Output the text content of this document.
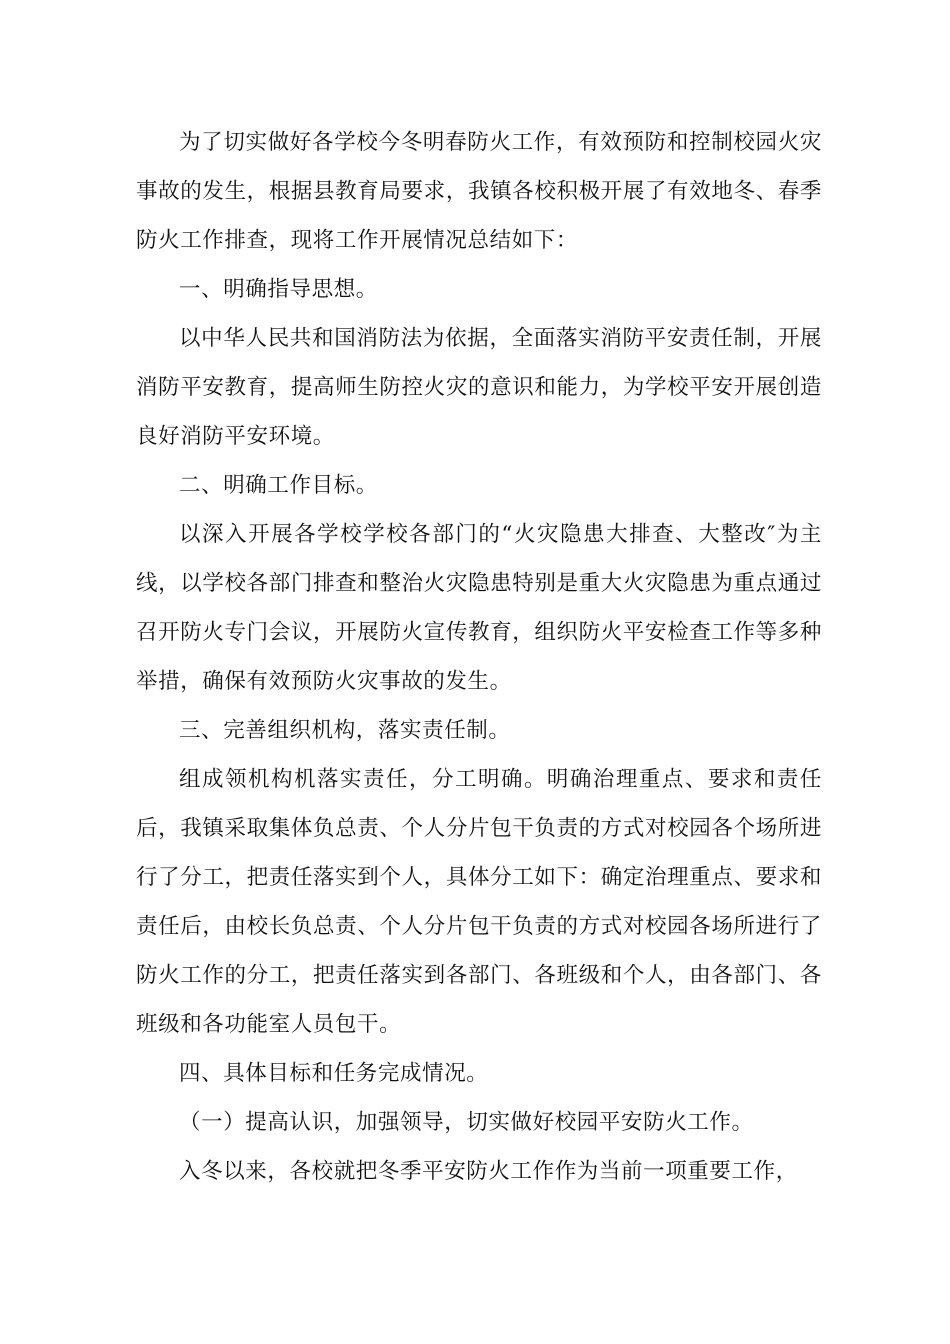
为了切实做好各学校今冬明春防火工作，有效预防和控制校园火灾事故的发生，根据县教育局要求，我镇各校积极开展了有效地冬、春季防火工作排查，现将工作开展情况总结如下：

一、明确指导思想。

以中华人民共和国消防法为依据，全面落实消防平安责任制，开展消防平安教育，提高师生防控火灾的意识和能力，为学校平安开展创造良好消防平安环境。

二、明确工作目标。

以深入开展各学校学校各部门的“火灾隐患大排查、大整改″为主线，以学校各部门排查和整治火灾隐患特别是重大火灾隐患为重点通过召开防火专门会议，开展防火宣传教育，组织防火平安检查工作等多种举措，确保有效预防火灾事故的发生。

三、完善组织机构，落实责任制。

组成领机构机落实责任，分工明确。明确治理重点、要求和责任后，我镇采取集体负总责、个人分片包干负责的方式对校园各个场所进行了分工，把责任落实到个人，具体分工如下：确定治理重点、要求和责任后，由校长负总责、个人分片包干负责的方式对校园各场所进行了防火工作的分工，把责任落实到各部门、各班级和个人，由各部门、各班级和各功能室人员包干。

四、具体目标和任务完成情况。

（一）提高认识，加强领导，切实做好校园平安防火工作。

入冬以来，各校就把冬季平安防火工作作为当前一项重要工作，
